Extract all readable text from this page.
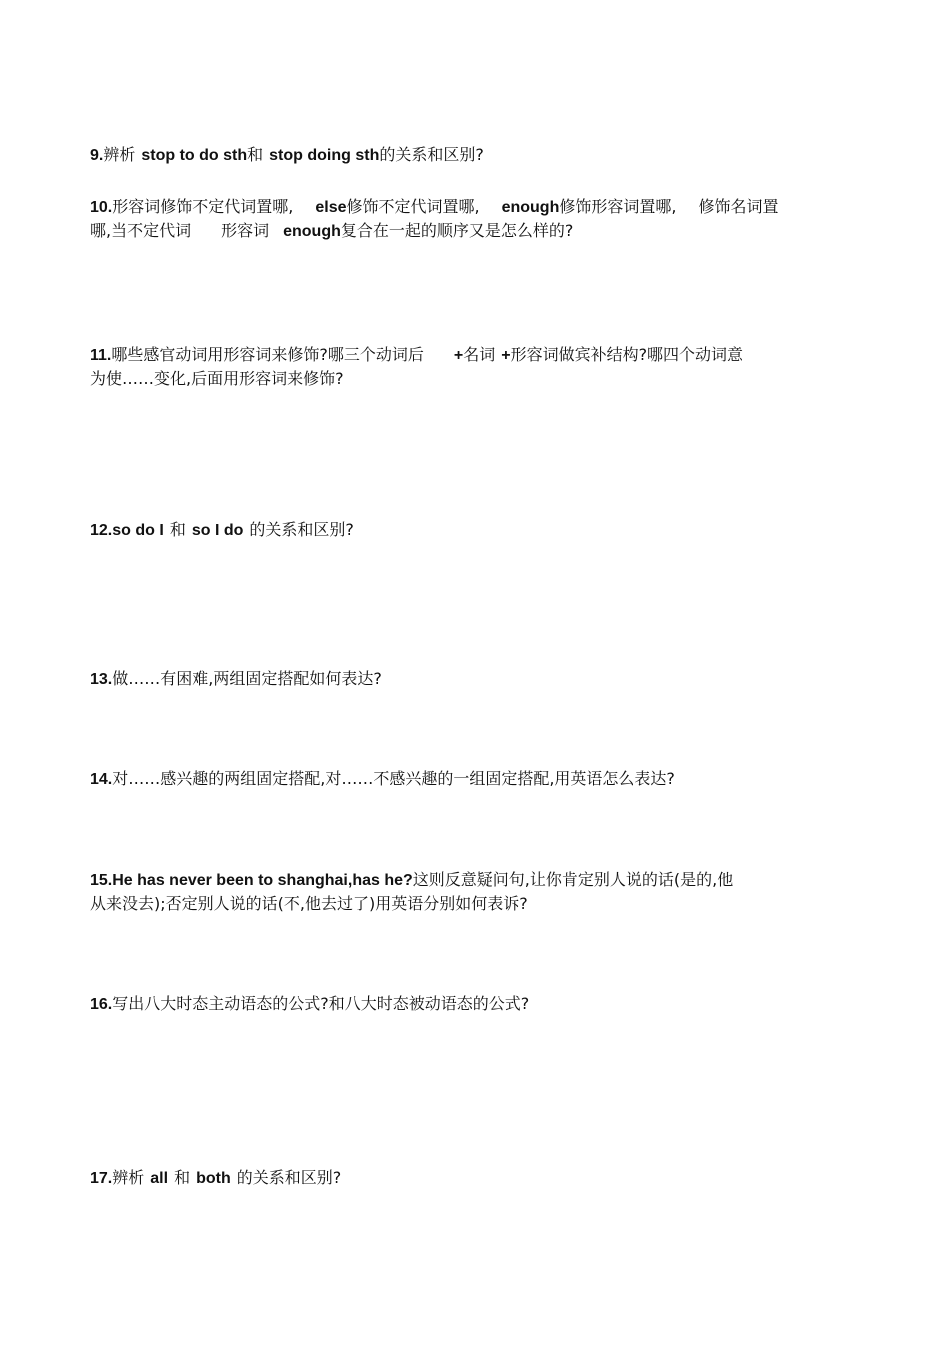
9.辨析 stop to do sth和 stop doing sth的关系和区别?
10.形容词修饰不定代词置哪, else修饰不定代词置哪, enough修饰形容词置哪, 修饰名词置
哪,当不定代词 形容词 enough复合在一起的顺序又是怎么样的?
11.哪些感官动词用形容词来修饰?哪三个动词后 +名词 +形容词做宾补结构?哪四个动词意
为使……变化,后面用形容词来修饰?
12.so do I 和 so I do 的关系和区别?
13.做……有困难,两组固定搭配如何表达?
14.对……感兴趣的两组固定搭配,对……不感兴趣的一组固定搭配,用英语怎么表达?
15.He has never been to shanghai,has he?这则反意疑问句,让你肯定别人说的话(是的,他
从来没去);否定别人说的话(不,他去过了)用英语分别如何表诉?
16.写出八大时态主动语态的公式?和八大时态被动语态的公式?
17.辨析 all 和 both 的关系和区别?
